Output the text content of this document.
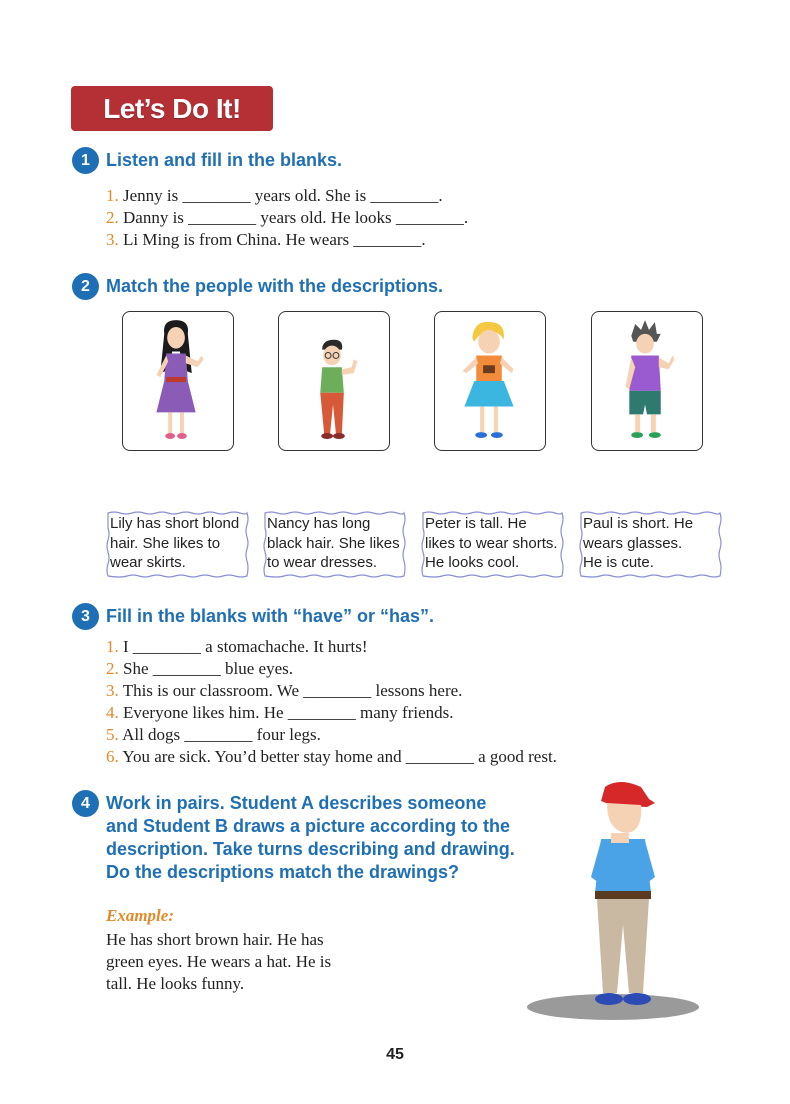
Let’s Do It!
1 Listen and fill in the blanks.
1. Jenny is ________ years old. She is ________.
2. Danny is ________ years old. He looks ________.
3. Li Ming is from China. He wears ________.
2 Match the people with the descriptions.
Lily has short blond
hair. She likes to
wear skirts.
Nancy has long
black hair. She likes
to wear dresses.
Peter is tall. He
likes to wear shorts.
He looks cool.
Paul is short. He
wears glasses.
He is cute.
3 Fill in the blanks with “have” or “has”.
1. I ________ a stomachache. It hurts!
2. She ________ blue eyes.
3. This is our classroom. We ________ lessons here.
4. Everyone likes him. He ________ many friends.
5. All dogs ________ four legs.
6. You are sick. You’d better stay home and ________ a good rest.
4 Work in pairs. Student A describes someone
and Student B draws a picture according to the
description. Take turns describing and drawing.
Do the descriptions match the drawings?
Example:
He has short brown hair. He has
green eyes. He wears a hat. He is
tall. He looks funny.
45
